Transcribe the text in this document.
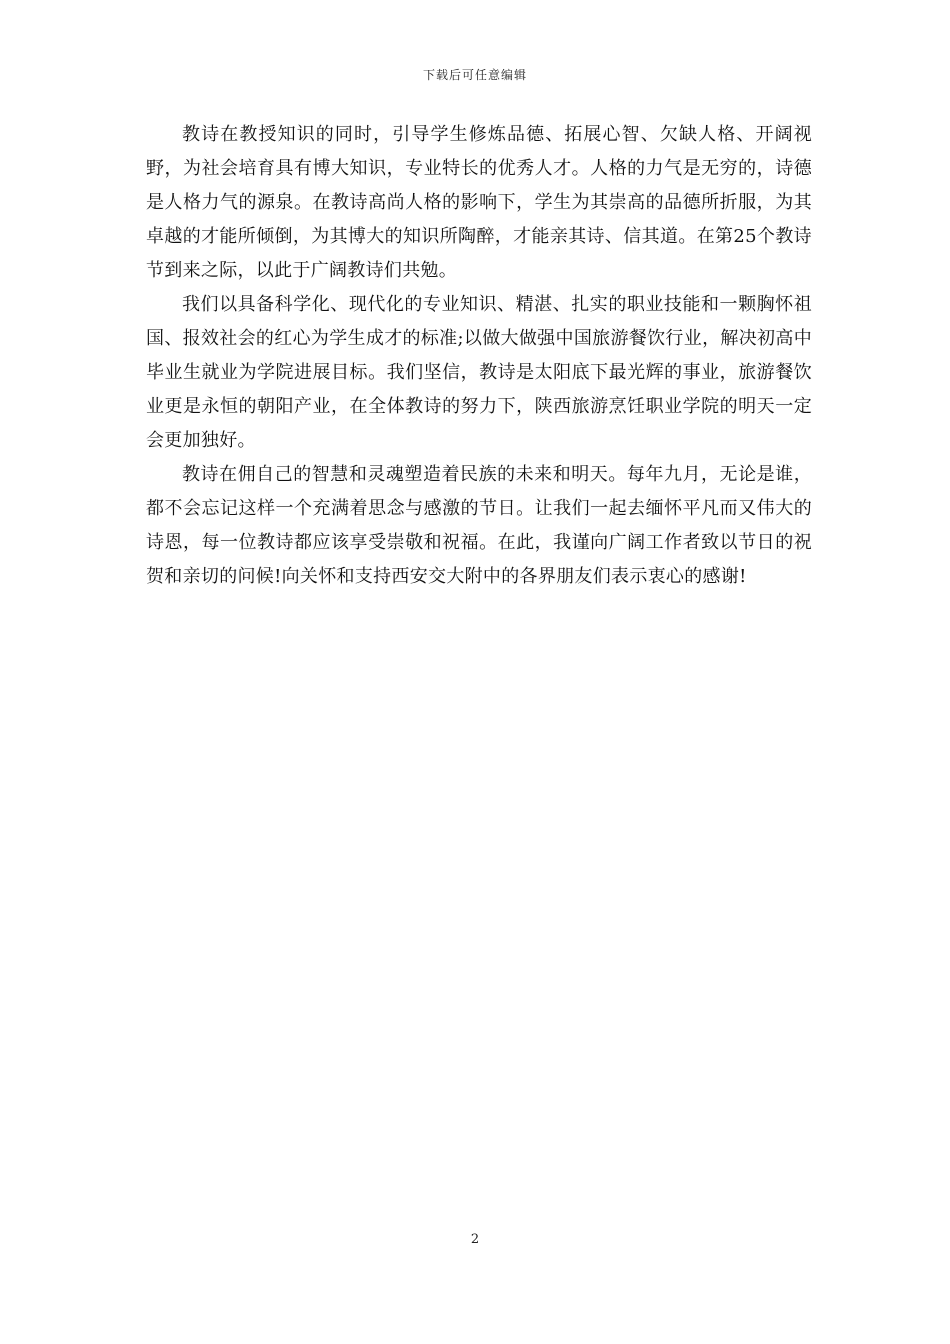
下载后可任意编辑

教诗在教授知识的同时，引导学生修炼品德、拓展心智、欠缺人格、开阔视野，为社会培育具有博大知识，专业特长的优秀人才。人格的力气是无穷的，诗德是人格力气的源泉。在教诗高尚人格的影响下，学生为其崇高的品德所折服，为其卓越的才能所倾倒，为其博大的知识所陶醉，才能亲其诗、信其道。在第25个教诗节到来之际，以此于广阔教诗们共勉。

我们以具备科学化、现代化的专业知识、精湛、扎实的职业技能和一颗胸怀祖国、报效社会的红心为学生成才的标准;以做大做强中国旅游餐饮行业，解决初高中毕业生就业为学院进展目标。我们坚信，教诗是太阳底下最光辉的事业，旅游餐饮业更是永恒的朝阳产业，在全体教诗的努力下，陕西旅游烹饪职业学院的明天一定会更加独好。

教诗在佣自己的智慧和灵魂塑造着民族的未来和明天。每年九月，无论是谁，都不会忘记这样一个充满着思念与感激的节日。让我们一起去缅怀平凡而又伟大的诗恩，每一位教诗都应该享受崇敬和祝福。在此，我谨向广阔工作者致以节日的祝贺和亲切的问候!向关怀和支持西安交大附中的各界朋友们表示衷心的感谢!

2
